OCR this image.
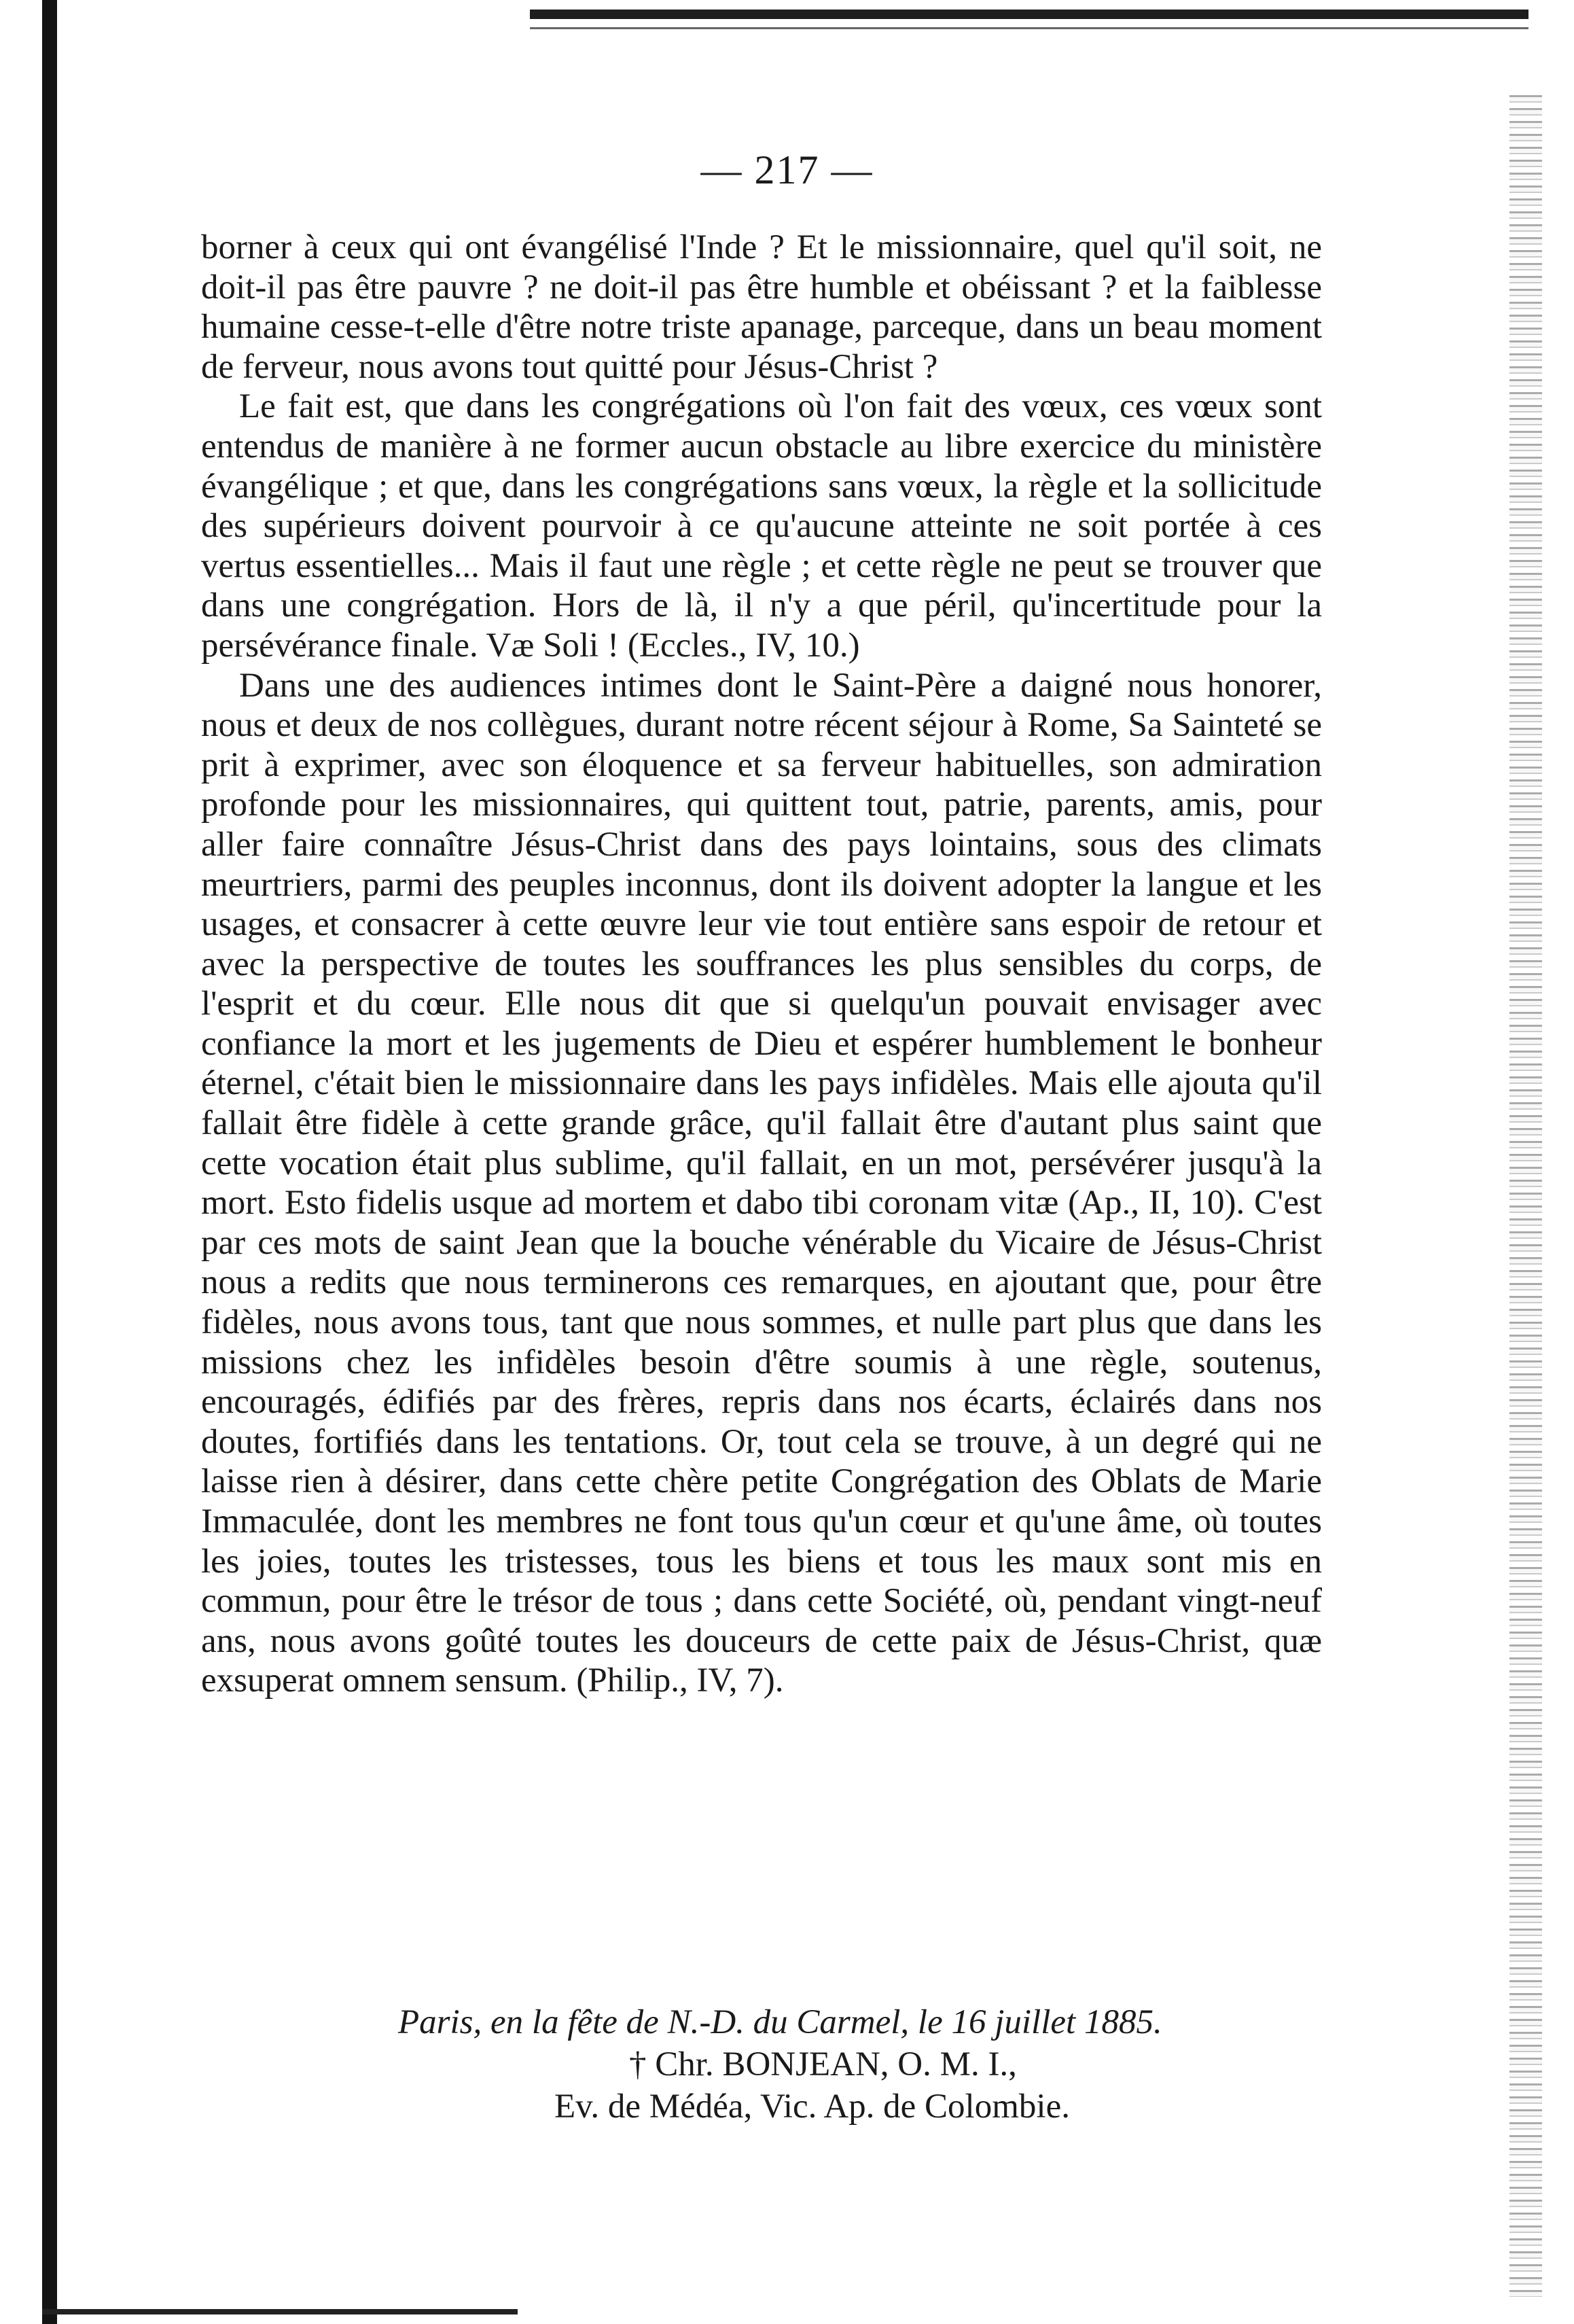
— 217 —

borner à ceux qui ont évangélisé l'Inde ? Et le missionnaire, quel qu'il soit, ne doit-il pas être pauvre ? ne doit-il pas être humble et obéissant ? et la faiblesse humaine cesse-t-elle d'être notre triste apanage, parceque, dans un beau moment de ferveur, nous avons tout quitté pour Jésus-Christ ?

Le fait est, que dans les congrégations où l'on fait des vœux, ces vœux sont entendus de manière à ne former aucun obstacle au libre exercice du ministère évangélique ; et que, dans les congrégations sans vœux, la règle et la sollicitude des supérieurs doivent pourvoir à ce qu'aucune atteinte ne soit portée à ces vertus essentielles... Mais il faut une règle ; et cette règle ne peut se trouver que dans une congrégation. Hors de là, il n'y a que péril, qu'incertitude pour la persévérance finale. Væ Soli ! (Eccles., IV, 10.)

Dans une des audiences intimes dont le Saint-Père a daigné nous honorer, nous et deux de nos collègues, durant notre récent séjour à Rome, Sa Sainteté se prit à exprimer, avec son éloquence et sa ferveur habituelles, son admiration profonde pour les missionnaires, qui quittent tout, patrie, parents, amis, pour aller faire connaître Jésus-Christ dans des pays lointains, sous des climats meurtriers, parmi des peuples inconnus, dont ils doivent adopter la langue et les usages, et consacrer à cette œuvre leur vie tout entière sans espoir de retour et avec la perspective de toutes les souffrances les plus sensibles du corps, de l'esprit et du cœur. Elle nous dit que si quelqu'un pouvait envisager avec confiance la mort et les jugements de Dieu et espérer humblement le bonheur éternel, c'était bien le missionnaire dans les pays infidèles. Mais elle ajouta qu'il fallait être fidèle à cette grande grâce, qu'il fallait être d'autant plus saint que cette vocation était plus sublime, qu'il fallait, en un mot, persévérer jusqu'à la mort. Esto fidelis usque ad mortem et dabo tibi coronam vitæ (Ap., II, 10). C'est par ces mots de saint Jean que la bouche vénérable du Vicaire de Jésus-Christ nous a redits que nous terminerons ces remarques, en ajoutant que, pour être fidèles, nous avons tous, tant que nous sommes, et nulle part plus que dans les missions chez les infidèles besoin d'être soumis à une règle, soutenus, encouragés, édifiés par des frères, repris dans nos écarts, éclairés dans nos doutes, fortifiés dans les tentations. Or, tout cela se trouve, à un degré qui ne laisse rien à désirer, dans cette chère petite Congrégation des Oblats de Marie Immaculée, dont les membres ne font tous qu'un cœur et qu'une âme, où toutes les joies, toutes les tristesses, tous les biens et tous les maux sont mis en commun, pour être le trésor de tous ; dans cette Société, où, pendant vingt-neuf ans, nous avons goûté toutes les douceurs de cette paix de Jésus-Christ, quæ exsuperat omnem sensum. (Philip., IV, 7).

Paris, en la fête de N.-D. du Carmel, le 16 juillet 1885.
† Chr. BONJEAN, O. M. I.,
Ev. de Médéa, Vic. Ap. de Colombie.
